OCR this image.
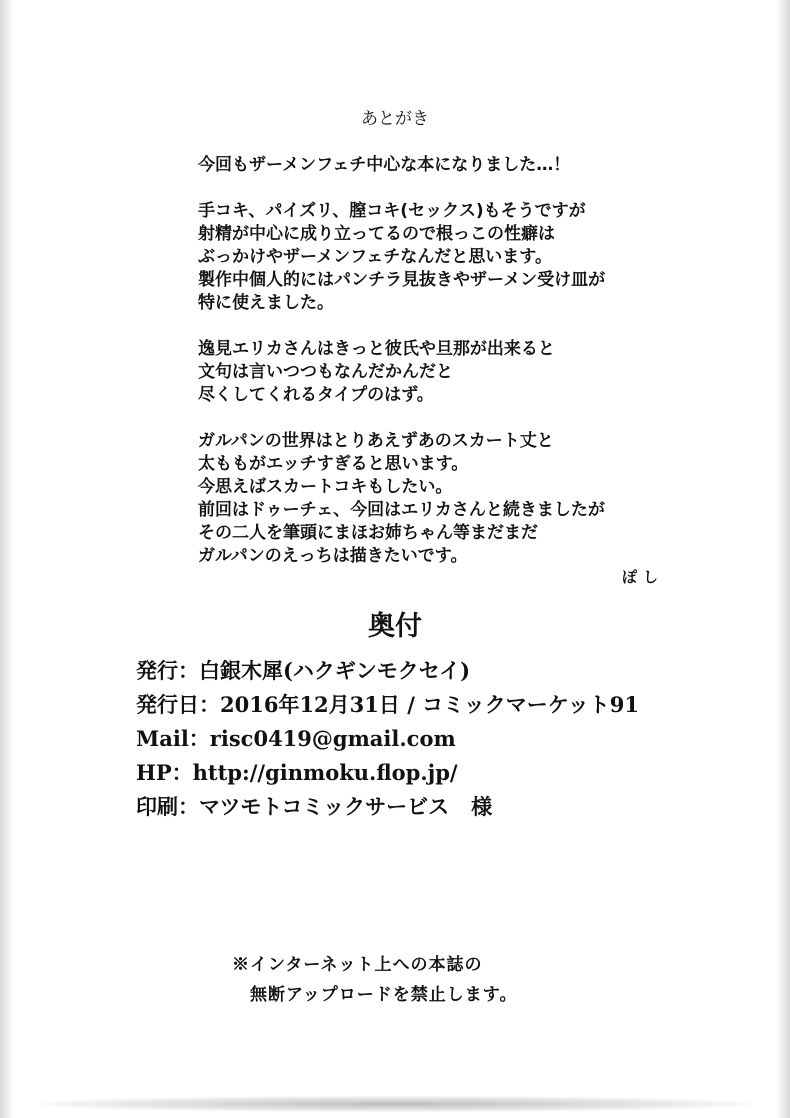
あとがき

今回もザーメンフェチ中心な本になりました…！

手コキ、パイズリ、膣コキ(セックス)もそうですが
射精が中心に成り立ってるので根っこの性癖は
ぶっかけやザーメンフェチなんだと思います。
製作中個人的にはパンチラ見抜きやザーメン受け皿が
特に使えました。

逸見エリカさんはきっと彼氏や旦那が出来ると
文句は言いつつもなんだかんだと
尽くしてくれるタイプのはず。

ガルパンの世界はとりあえずあのスカート丈と
太ももがエッチすぎると思います。
今思えばスカートコキもしたい。
前回はドゥーチェ、今回はエリカさんと続きましたが
その二人を筆頭にまほお姉ちゃん等まだまだ
ガルパンのえっちは描きたいです。

ぽし
奥付
発行：白銀木犀(ハクギンモクセイ)
発行日：2016年12月31日 / コミックマーケット91
Mail：risc0419@gmail.com
HP：http://ginmoku.flop.jp/
印刷：マツモトコミックサービス 様
※インターネット上への本誌の
無断アップロードを禁止します。
